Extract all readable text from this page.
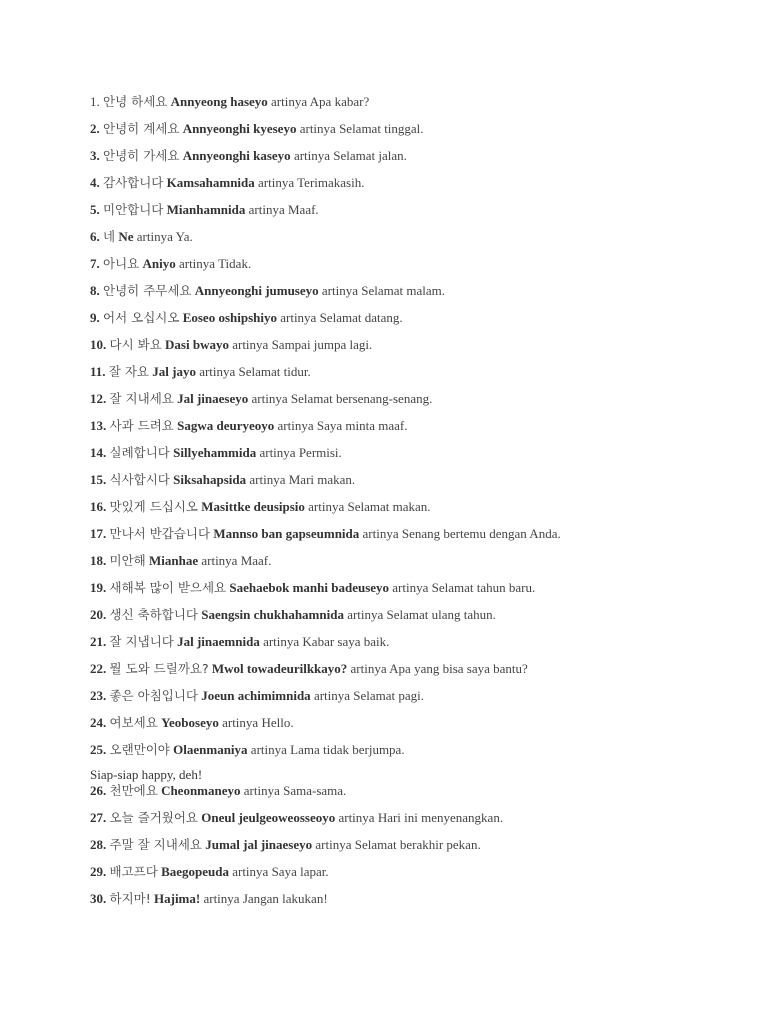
1. 안녕 하세요 Annyeong haseyo artinya Apa kabar?
2. 안녕히 계세요 Annyeonghi kyeseyo artinya Selamat tinggal.
3. 안녕히 가세요 Annyeonghi kaseyo artinya Selamat jalan.
4. 감사합니다 Kamsahamnida artinya Terimakasih.
5. 미안합니다 Mianhamnida artinya Maaf.
6. 네 Ne artinya Ya.
7. 아니요 Aniyo artinya Tidak.
8. 안녕히 주무세요 Annyeonghi jumuseyo artinya Selamat malam.
9. 어서 오십시오 Eoseo oshipshiyo artinya Selamat datang.
10. 다시 봐요 Dasi bwayo artinya Sampai jumpa lagi.
11. 잘 자요 Jal jayo artinya Selamat tidur.
12. 잘 지내세요 Jal jinaeseyo artinya Selamat bersenang-senang.
13. 사과 드려요 Sagwa deuryeoyo artinya Saya minta maaf.
14. 실례합니다 Sillyehammida artinya Permisi.
15. 식사합시다 Siksahapsida artinya Mari makan.
16. 맛있게 드십시오 Masittke deusipsio artinya Selamat makan.
17. 만나서 반갑습니다 Mannso ban gapseumnida artinya Senang bertemu dengan Anda.
18. 미안해 Mianhae artinya Maaf.
19. 새해복 많이 받으세요 Saehaebok manhi badeuseyo artinya Selamat tahun baru.
20. 생신 축하합니다 Saengsin chukhahamnida artinya Selamat ulang tahun.
21. 잘 지냅니다 Jal jinaemnida artinya Kabar saya baik.
22. 뭘 도와 드릴까요? Mwol towadeurilkkayo? artinya Apa yang bisa saya bantu?
23. 좋은 아침입니다 Joeun achimimnida artinya Selamat pagi.
24. 여보세요 Yeoboseyo artinya Hello.
25. 오랜만이야 Olaenmaniya artinya Lama tidak berjumpa.
Siap-siap happy, deh!
26. 천만에요 Cheonmaneyo artinya Sama-sama.
27. 오늘 즐거웠어요 Oneul jeulgeoweosseoyo artinya Hari ini menyenangkan.
28. 주말 잘 지내세요 Jumal jal jinaeseyo artinya Selamat berakhir pekan.
29. 배고프다 Baegopeuda artinya Saya lapar.
30. 하지마! Hajima! artinya Jangan lakukan!
